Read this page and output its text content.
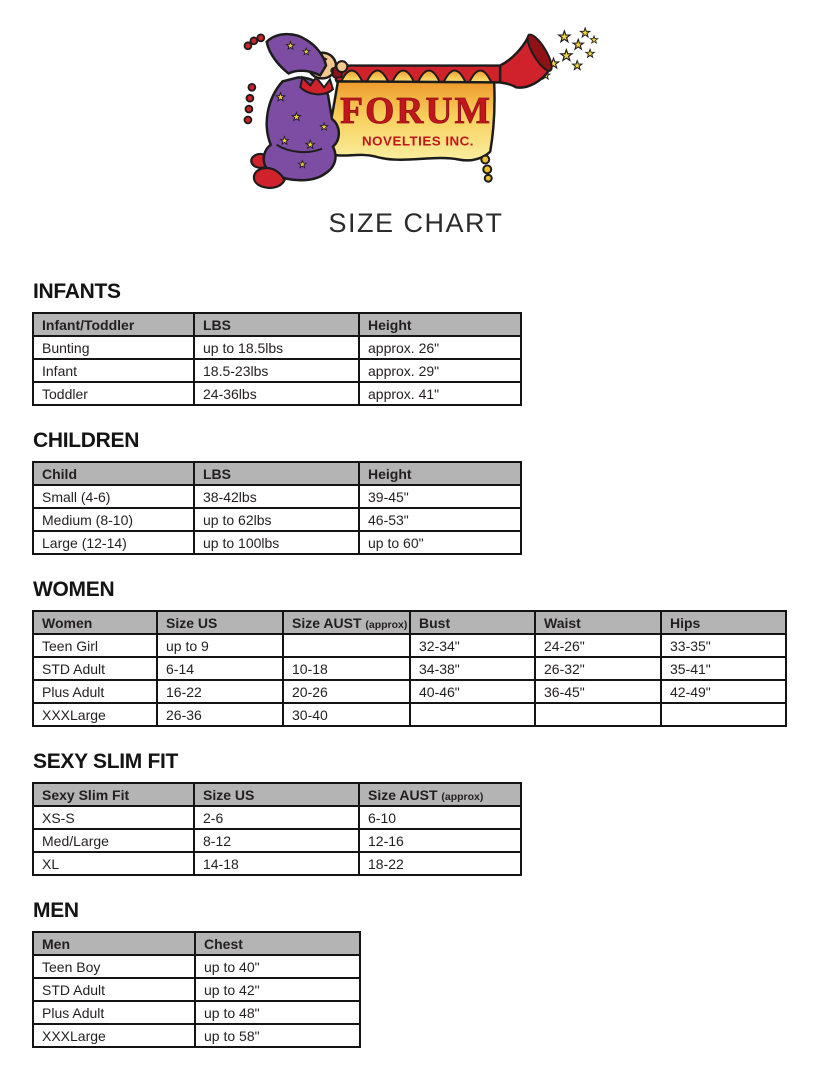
FORUM
NOVELTIES INC.
SIZE CHART
INFANTS
Infant/Toddler	LBS	Height
Bunting	up to 18.5lbs	approx. 26"
Infant	18.5-23lbs	approx. 29"
Toddler	24-36lbs	approx. 41"
CHILDREN
Child	LBS	Height
Small (4-6)	38-42lbs	39-45"
Medium (8-10)	up to 62lbs	46-53"
Large (12-14)	up to 100lbs	up to 60"
WOMEN
Women	Size US	Size AUST (approx)	Bust	Waist	Hips
Teen Girl	up to 9		32-34"	24-26"	33-35"
STD Adult	6-14	10-18	34-38"	26-32"	35-41"
Plus Adult	16-22	20-26	40-46"	36-45"	42-49"
XXXLarge	26-36	30-40			
SEXY SLIM FIT
Sexy Slim Fit	Size US	Size AUST (approx)
XS-S	2-6	6-10
Med/Large	8-12	12-16
XL	14-18	18-22
MEN
Men	Chest
Teen Boy	up to 40"
STD Adult	up to 42"
Plus Adult	up to 48"
XXXLarge	up to 58"
